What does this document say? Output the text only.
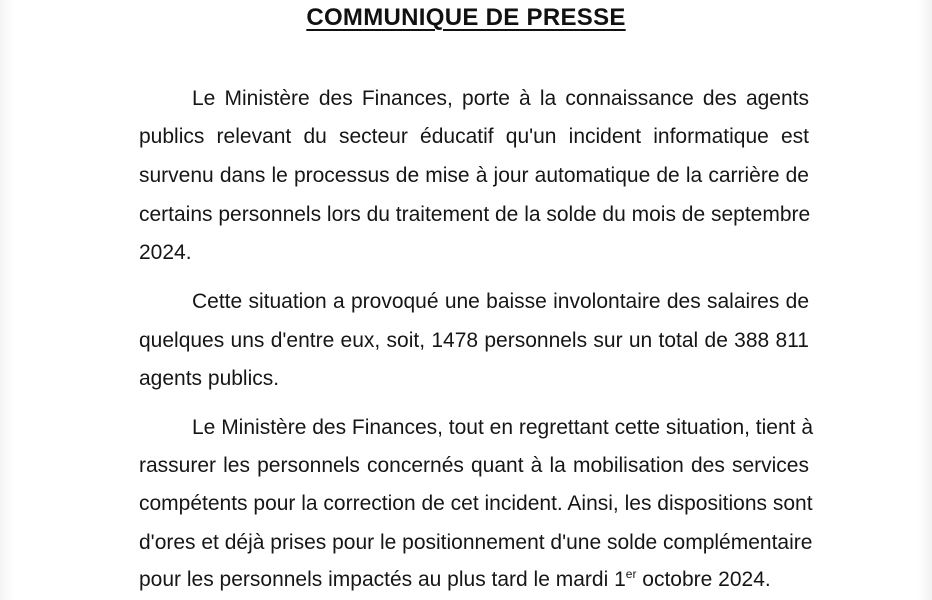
COMMUNIQUE DE PRESSE
Le Ministère des Finances, porte à la connaissance des agents
publics relevant du secteur éducatif qu'un incident informatique est
survenu dans le processus de mise à jour automatique de la carrière de
certains personnels lors du traitement de la solde du mois de septembre
2024.
Cette situation a provoqué une baisse involontaire des salaires de
quelques uns d'entre eux, soit, 1478 personnels sur un total de 388 811
agents publics.
Le Ministère des Finances, tout en regrettant cette situation, tient à
rassurer les personnels concernés quant à la mobilisation des services
compétents pour la correction de cet incident. Ainsi, les dispositions sont
d'ores et déjà prises pour le positionnement d'une solde complémentaire
pour les personnels impactés au plus tard le mardi 1er octobre 2024.
